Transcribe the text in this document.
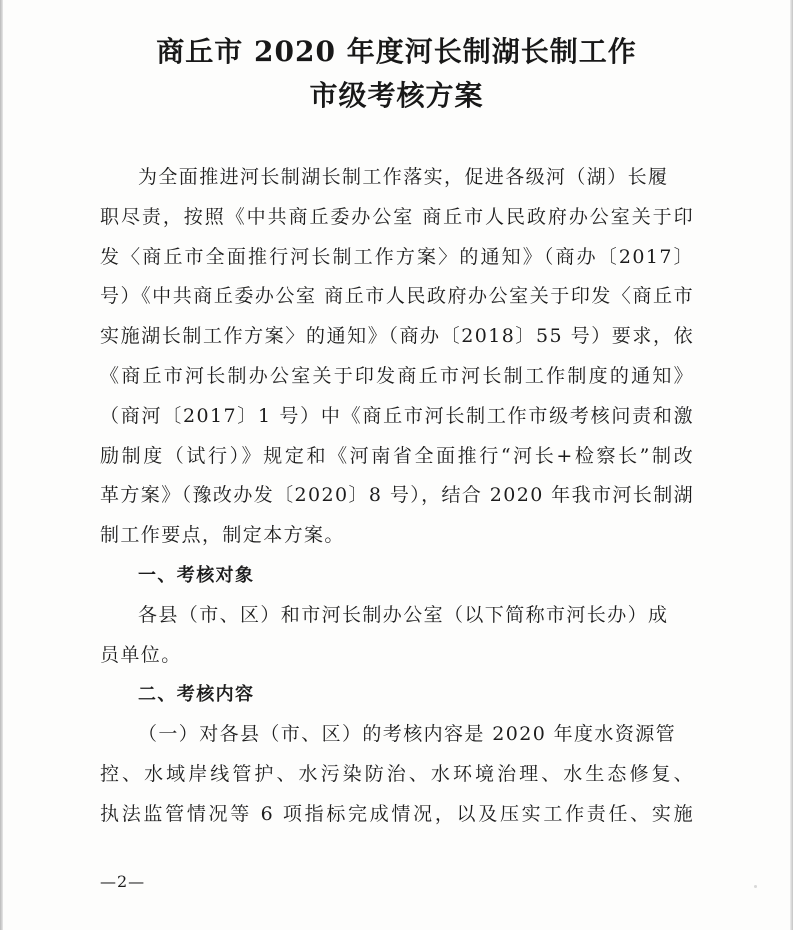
商丘市 2020 年度河长制湖长制工作
市级考核方案
为全面推进河长制湖长制工作落实，促进各级河（湖）长履
职尽责，按照《中共商丘委办公室 商丘市人民政府办公室关于印
发〈商丘市全面推行河长制工作方案〉的通知》（商办〔2017〕
号）《中共商丘委办公室 商丘市人民政府办公室关于印发〈商丘市
实施湖长制工作方案〉的通知》（商办〔2018〕55 号）要求，依
《商丘市河长制办公室关于印发商丘市河长制工作制度的通知》
（商河〔2017〕1 号）中《商丘市河长制工作市级考核问责和激
励制度（试行）》规定和《河南省全面推行“河长+检察长”制改
革方案》（豫改办发〔2020〕8 号），结合 2020 年我市河长制湖
制工作要点，制定本方案。
一、考核对象
各县（市、区）和市河长制办公室（以下简称市河长办）成
员单位。
二、考核内容
（一）对各县（市、区）的考核内容是 2020 年度水资源管
控、水域岸线管护、水污染防治、水环境治理、水生态修复、
执法监管情况等 6 项指标完成情况，以及压实工作责任、实施
—2—
